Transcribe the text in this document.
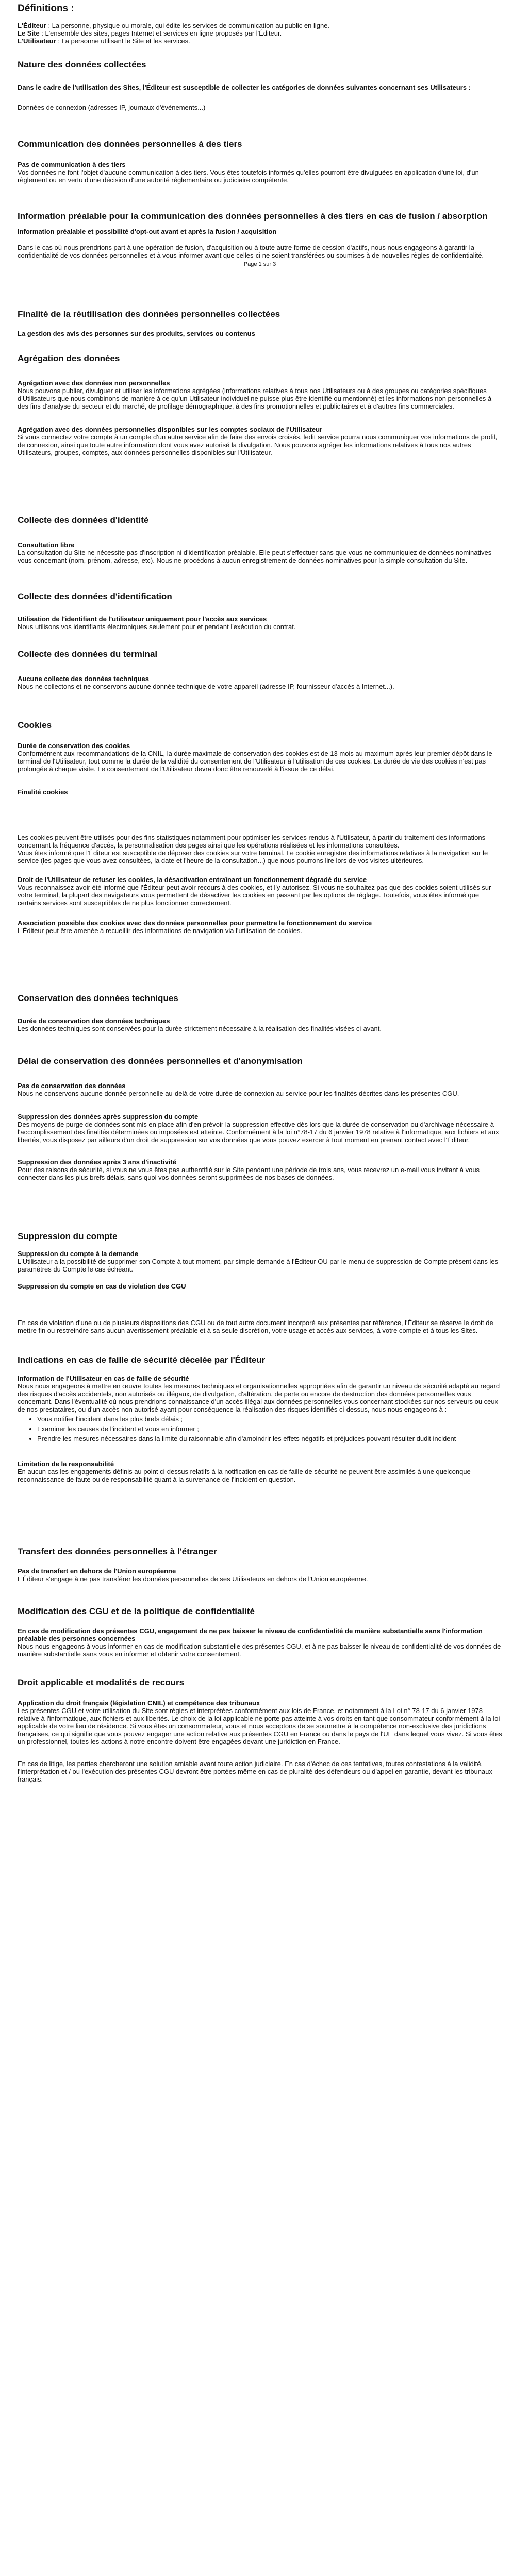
Définitions :

L'Éditeur : La personne, physique ou morale, qui édite les services de communication au public en ligne.

Le Site : L'ensemble des sites, pages Internet et services en ligne proposés par l'Éditeur.

L'Utilisateur : La personne utilisant le Site et les services.

Nature des données collectées

Dans le cadre de l'utilisation des Sites, l'Éditeur est susceptible de collecter les catégories de données suivantes concernant ses Utilisateurs :

Données de connexion (adresses IP, journaux d'événements...)

Communication des données personnelles à des tiers

Pas de communication à des tiers

Vos données ne font l'objet d'aucune communication à des tiers. Vous êtes toutefois informés qu'elles pourront être divulguées en application d'une loi, d'un règlement ou en vertu d'une décision d'une autorité réglementaire ou judiciaire compétente.

Information préalable pour la communication des données personnelles à des tiers en cas de fusion / absorption

Information préalable et possibilité d'opt-out avant et après la fusion / acquisition

Dans le cas où nous prendrions part à une opération de fusion, d'acquisition ou à toute autre forme de cession d'actifs, nous nous engageons à garantir la confidentialité de vos données personnelles et à vous informer avant que celles-ci ne soient transférées ou soumises à de nouvelles règles de confidentialité.

Page 1 sur 3
Finalité de la réutilisation des données personnelles collectées

La gestion des avis des personnes sur des produits, services ou contenus

Agrégation des données

Agrégation avec des données non personnelles

Nous pouvons publier, divulguer et utiliser les informations agrégées (informations relatives à tous nos Utilisateurs ou à des groupes ou catégories spécifiques d'Utilisateurs que nous combinons de manière à ce qu'un Utilisateur individuel ne puisse plus être identifié ou mentionné) et les informations non personnelles à des fins d'analyse du secteur et du marché, de profilage démographique, à des fins promotionnelles et publicitaires et à d'autres fins commerciales.

Agrégation avec des données personnelles disponibles sur les comptes sociaux de l'Utilisateur

Si vous connectez votre compte à un compte d'un autre service afin de faire des envois croisés, ledit service pourra nous communiquer vos informations de profil, de connexion, ainsi que toute autre information dont vous avez autorisé la divulgation. Nous pouvons agréger les informations relatives à tous nos autres Utilisateurs, groupes, comptes, aux données personnelles disponibles sur l'Utilisateur.

Collecte des données d'identité

Consultation libre

La consultation du Site ne nécessite pas d'inscription ni d'identification préalable. Elle peut s'effectuer sans que vous ne communiquiez de données nominatives vous concernant (nom, prénom, adresse, etc). Nous ne procédons à aucun enregistrement de données nominatives pour la simple consultation du Site.

Collecte des données d'identification

Utilisation de l'identifiant de l'utilisateur uniquement pour l'accès aux services

Nous utilisons vos identifiants électroniques seulement pour et pendant l'exécution du contrat.

Collecte des données du terminal

Aucune collecte des données techniques

Nous ne collectons et ne conservons aucune donnée technique de votre appareil (adresse IP, fournisseur d'accès à Internet...).

Cookies

Durée de conservation des cookies

Conformément aux recommandations de la CNIL, la durée maximale de conservation des cookies est de 13 mois au maximum après leur premier dépôt dans le terminal de l'Utilisateur, tout comme la durée de la validité du consentement de l'Utilisateur à l'utilisation de ces cookies. La durée de vie des cookies n'est pas prolongée à chaque visite. Le consentement de l'Utilisateur devra donc être renouvelé à l'issue de ce délai.

Finalité cookies

Les cookies peuvent être utilisés pour des fins statistiques notamment pour optimiser les services rendus à l'Utilisateur, à partir du traitement des informations concernant la fréquence d'accès, la personnalisation des pages ainsi que les opérations réalisées et les informations consultées.

Vous êtes informé que l'Éditeur est susceptible de déposer des cookies sur votre terminal. Le cookie enregistre des informations relatives à la navigation sur le service (les pages que vous avez consultées, la date et l'heure de la consultation...) que nous pourrons lire lors de vos visites ultérieures.

Droit de l'Utilisateur de refuser les cookies, la désactivation entraînant un fonctionnement dégradé du service

Vous reconnaissez avoir été informé que l'Éditeur peut avoir recours à des cookies, et l'y autorisez. Si vous ne souhaitez pas que des cookies soient utilisés sur votre terminal, la plupart des navigateurs vous permettent de désactiver les cookies en passant par les options de réglage. Toutefois, vous êtes informé que certains services sont susceptibles de ne plus fonctionner correctement.

Association possible des cookies avec des données personnelles pour permettre le fonctionnement du service

L'Éditeur peut être amenée à recueillir des informations de navigation via l'utilisation de cookies.

Conservation des données techniques

Durée de conservation des données techniques

Les données techniques sont conservées pour la durée strictement nécessaire à la réalisation des finalités visées ci-avant.

Délai de conservation des données personnelles et d'anonymisation

Pas de conservation des données

Nous ne conservons aucune donnée personnelle au-delà de votre durée de connexion au service pour les finalités décrites dans les présentes CGU.

Suppression des données après suppression du compte

Des moyens de purge de données sont mis en place afin d'en prévoir la suppression effective dès lors que la durée de conservation ou d'archivage nécessaire à l'accomplissement des finalités déterminées ou imposées est atteinte. Conformément à la loi n°78-17 du 6 janvier 1978 relative à l'informatique, aux fichiers et aux libertés, vous disposez par ailleurs d'un droit de suppression sur vos données que vous pouvez exercer à tout moment en prenant contact avec l'Éditeur.

Suppression des données après 3 ans d'inactivité

Pour des raisons de sécurité, si vous ne vous êtes pas authentifié sur le Site pendant une période de trois ans, vous recevrez un e-mail vous invitant à vous connecter dans les plus brefs délais, sans quoi vos données seront supprimées de nos bases de données.

Suppression du compte

Suppression du compte à la demande

L'Utilisateur a la possibilité de supprimer son Compte à tout moment, par simple demande à l'Éditeur OU par le menu de suppression de Compte présent dans les paramètres du Compte le cas échéant.

Suppression du compte en cas de violation des CGU

En cas de violation d'une ou de plusieurs dispositions des CGU ou de tout autre document incorporé aux présentes par référence, l'Éditeur se réserve le droit de mettre fin ou restreindre sans aucun avertissement préalable et à sa seule discrétion, votre usage et accès aux services, à votre compte et à tous les Sites.

Indications en cas de faille de sécurité décelée par l'Éditeur

Information de l'Utilisateur en cas de faille de sécurité

Nous nous engageons à mettre en œuvre toutes les mesures techniques et organisationnelles appropriées afin de garantir un niveau de sécurité adapté au regard des risques d'accès accidentels, non autorisés ou illégaux, de divulgation, d'altération, de perte ou encore de destruction des données personnelles vous concernant. Dans l'éventualité où nous prendrions connaissance d'un accès illégal aux données personnelles vous concernant stockées sur nos serveurs ou ceux de nos prestataires, ou d'un accès non autorisé ayant pour conséquence la réalisation des risques identifiés ci-dessus, nous nous engageons à :

• Vous notifier l'incident dans les plus brefs délais ;
• Examiner les causes de l'incident et vous en informer ;
• Prendre les mesures nécessaires dans la limite du raisonnable afin d'amoindrir les effets négatifs et préjudices pouvant résulter dudit incident

Limitation de la responsabilité

En aucun cas les engagements définis au point ci-dessus relatifs à la notification en cas de faille de sécurité ne peuvent être assimilés à une quelconque reconnaissance de faute ou de responsabilité quant à la survenance de l'incident en question.

Transfert des données personnelles à l'étranger

Pas de transfert en dehors de l'Union européenne

L'Éditeur s'engage à ne pas transférer les données personnelles de ses Utilisateurs en dehors de l'Union européenne.

Modification des CGU et de la politique de confidentialité

En cas de modification des présentes CGU, engagement de ne pas baisser le niveau de confidentialité de manière substantielle sans l'information préalable des personnes concernées

Nous nous engageons à vous informer en cas de modification substantielle des présentes CGU, et à ne pas baisser le niveau de confidentialité de vos données de manière substantielle sans vous en informer et obtenir votre consentement.

Droit applicable et modalités de recours

Application du droit français (législation CNIL) et compétence des tribunaux

Les présentes CGU et votre utilisation du Site sont régies et interprétées conformément aux lois de France, et notamment à la Loi n° 78-17 du 6 janvier 1978 relative à l'informatique, aux fichiers et aux libertés. Le choix de la loi applicable ne porte pas atteinte à vos droits en tant que consommateur conformément à la loi applicable de votre lieu de résidence. Si vous êtes un consommateur, vous et nous acceptons de se soumettre à la compétence non-exclusive des juridictions françaises, ce qui signifie que vous pouvez engager une action relative aux présentes CGU en France ou dans le pays de l'UE dans lequel vous vivez. Si vous êtes un professionnel, toutes les actions à notre encontre doivent être engagées devant une juridiction en France.

En cas de litige, les parties chercheront une solution amiable avant toute action judiciaire. En cas d'échec de ces tentatives, toutes contestations à la validité, l'interprétation et / ou l'exécution des présentes CGU devront être portées même en cas de pluralité des défendeurs ou d'appel en garantie, devant les tribunaux français.
